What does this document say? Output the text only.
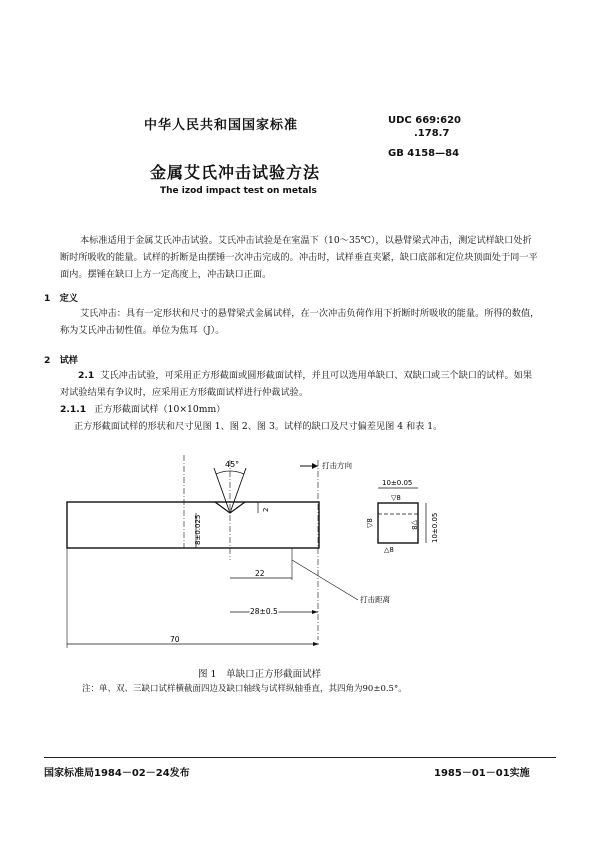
中华人民共和国国家标准	UDC 669:620
.178.7
GB 4158—84
金属艾氏冲击试验方法
The izod impact test on metals
本标准适用于金属艾氏冲击试验。艾氏冲击试验是在室温下（10～35℃），以悬臂梁式冲击，测定试样缺口处折断时所吸收的能量。试样的折断是由摆锤一次冲击完成的。冲击时，试样垂直夹紧，缺口底部和定位块顶面处于同一平面内。摆锤在缺口上方一定高度上，冲击缺口正面。
1　定义
艾氏冲击：具有一定形状和尺寸的悬臂梁式金属试样，在一次冲击负荷作用下折断时所吸收的能量。所得的数值，称为艾氏冲击韧性值。单位为焦耳（J）。
2　试样
2.1 艾氏冲击试验，可采用正方形截面或圆形截面试样，并且可以选用单缺口、双缺口或三个缺口的试样。如果对试验结果有争议时，应采用正方形截面试样进行仲裁试验。
2.1.1 正方形截面试样（10×10mm）
正方形截面试样的形状和尺寸见图 1、图 2、图 3。试样的缺口及尺寸偏差见图 4 和表 1。
45°	打击方向
8±0.025
2
22
打击距离
28±0.5
70
10±0.05
10±0.05
▽8
▽8	▽8
△8
图 1　单缺口正方形截面试样
注：单、双、三缺口试样横截面四边及缺口轴线与试样纵轴垂直，其四角为90±0.5°。
国家标准局1984－02－24发布	1985－01－01实施
